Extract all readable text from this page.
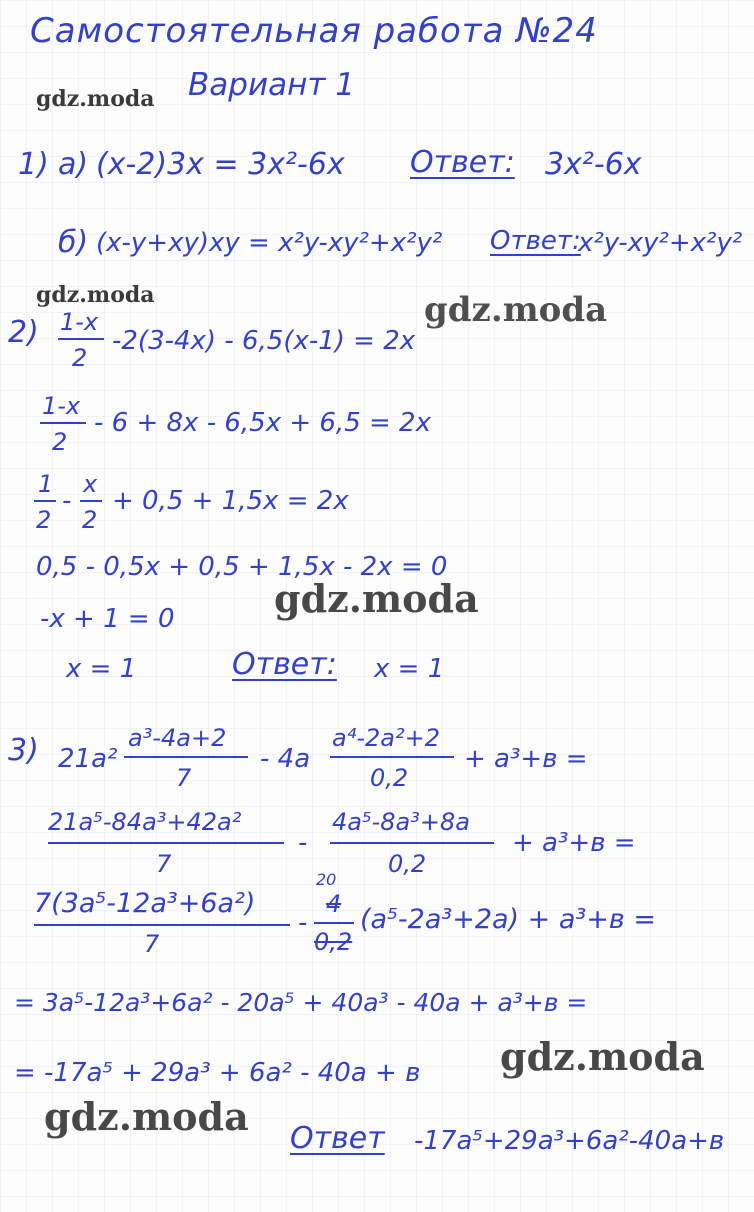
Самостоятельная работа №24
gdz.moda Вариант 1
1) а) (x-2)3x = 3x²-6x Ответ: 3x²-6x
б) (x-y+xy)xy = x²y-xy²+x²y² Ответ:
x²y-xy²+x²y²
gdz.moda	gdz.moda
2) 1-x
2
-2(3-4x) - 6,5(x-1) = 2x
1-x
2
- 6 + 8x - 6,5x + 6,5 = 2x
1
2
-
x
2
+ 0,5 + 1,5x = 2x
0,5 - 0,5x + 0,5 + 1,5x - 2x = 0
-x + 1 = 0	gdz.moda
x = 1	Ответ: x = 1
3) 21a²
a³-4a+2
7
- 4a
a⁴-2a²+2
0,2
+ a³+в =
21a⁵-84a³+42a²
7
-
4a⁵-8a³+8a
0,2
+ a³+в =
7(3a⁵-12a³+6a²)
7
-
20
4
0,2
(a⁵-2a³+2a) + a³+в =
= 3a⁵-12a³+6a² - 20a⁵ + 40a³ - 40a + a³+в =
= -17a⁵ + 29a³ + 6a² - 40a + в gdz.moda
gdz.moda Ответ -17a⁵+29a³+6a²-40a+в
